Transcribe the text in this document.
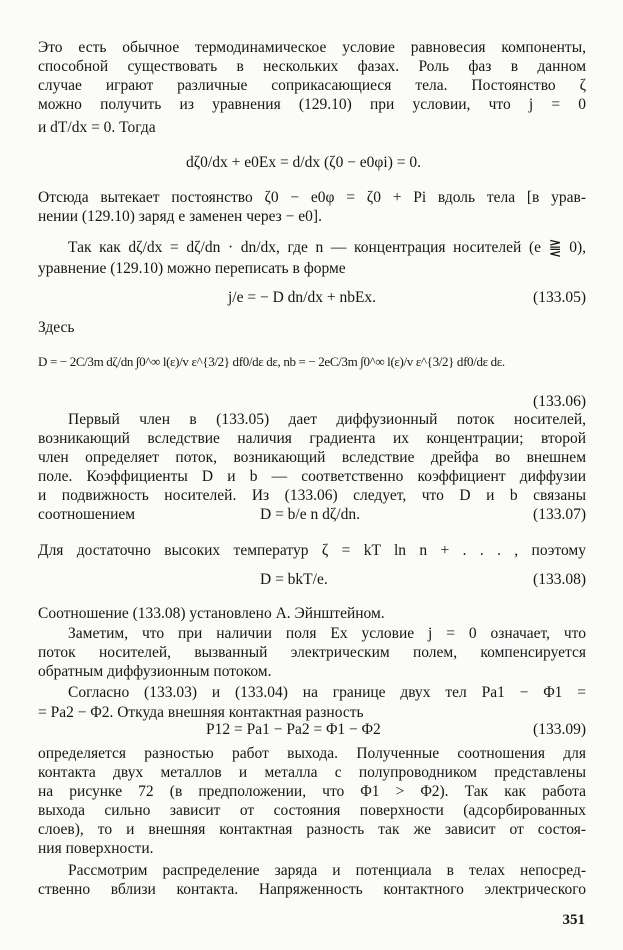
Это есть обычное термодинамическое условие равновесия компоненты,
способной существовать в нескольких фазах. Роль фаз в данном
случае играют различные соприкасающиеся тела. Постоянство ζ
можно получить из уравнения (129.10) при условии, что j = 0
и dT/dx = 0. Тогда
dζ0/dx + e0Ex = d/dx (ζ0 − e0φi) = 0.
Отсюда вытекает постоянство ζ0 − e0φ = ζ0 + Pi вдоль тела [в урав-
нении (129.10) заряд e заменен через − e0].
Так как dζ/dx = dζ/dn · dn/dx, где n — концентрация носителей (e ⪌ 0),
уравнение (129.10) можно переписать в форме
j/e = − D dn/dx + nbEx.	(133.05)
Здесь
D = − 2C/3m dζ/dn ∫0^∞ l(ε)/v ε^{3/2} df0/dε dε, nb = − 2eC/3m ∫0^∞ l(ε)/v ε^{3/2} df0/dε dε.
(133.06)
Первый член в (133.05) дает диффузионный поток носителей,
возникающий вследствие наличия градиента их концентрации; второй
член определяет поток, возникающий вследствие дрейфа во внешнем
поле. Коэффициенты D и b — соответственно коэффициент диффузии
и подвижность носителей. Из (133.06) следует, что D и b связаны
соотношением	D = b/e n dζ/dn.	(133.07)
Для достаточно высоких температур ζ = kT ln n + . . . , поэтому
D = bkT/e.	(133.08)
Соотношение (133.08) установлено А. Эйнштейном.
Заметим, что при наличии поля Ex условие j = 0 означает, что
поток носителей, вызванный электрическим полем, компенсируется
обратным диффузионным потоком.
Согласно (133.03) и (133.04) на границе двух тел Pa1 − Φ1 =
= Pa2 − Φ2. Откуда внешняя контактная разность
P12 = Pa1 − Pa2 = Φ1 − Φ2	(133.09)
определяется разностью работ выхода. Полученные соотношения для
контакта двух металлов и металла с полупроводником представлены
на рисунке 72 (в предположении, что Φ1 > Φ2). Так как работа
выхода сильно зависит от состояния поверхности (адсорбированных
слоев), то и внешняя контактная разность так же зависит от состоя-
ния поверхности.
Рассмотрим распределение заряда и потенциала в телах непосред-
ственно вблизи контакта. Напряженность контактного электрического
351
